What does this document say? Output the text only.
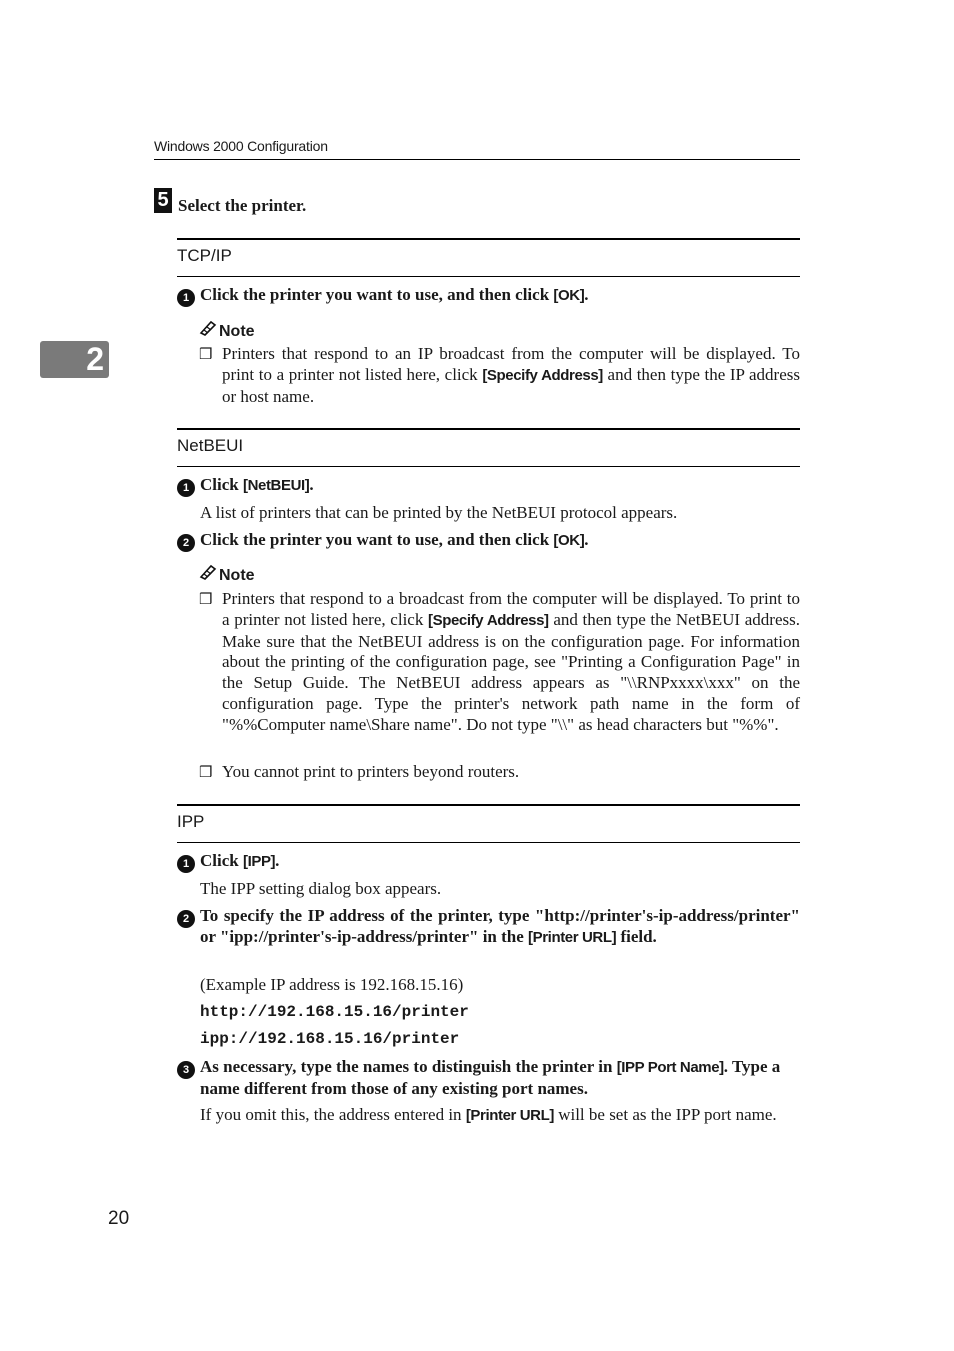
Windows 2000 Configuration
2
5 Select the printer.
TCP/IP
1 Click the printer you want to use, and then click [OK].
Note
❒ Printers that respond to an IP broadcast from the computer will be displayed. To print to a printer not listed here, click [Specify Address] and then type the IP address or host name.
NetBEUI
1 Click [NetBEUI].
A list of printers that can be printed by the NetBEUI protocol appears.
2 Click the printer you want to use, and then click [OK].
Note
❒ Printers that respond to a broadcast from the computer will be displayed. To print to a printer not listed here, click [Specify Address] and then type the NetBEUI address. Make sure that the NetBEUI address is on the configuration page. For information about the printing of the configuration page, see "Printing a Configuration Page" in the Setup Guide. The NetBEUI address appears as "\\RNPxxxx\xxx" on the configuration page. Type the printer's network path name in the form of "%%Computer name\Share name". Do not type "\\" as head characters but "%%".
❒ You cannot print to printers beyond routers.
IPP
1 Click [IPP].
The IPP setting dialog box appears.
2 To specify the IP address of the printer, type "http://printer's-ip-address/printer" or "ipp://printer's-ip-address/printer" in the [Printer URL] field.
(Example IP address is 192.168.15.16)
http://192.168.15.16/printer
ipp://192.168.15.16/printer
3 As necessary, type the names to distinguish the printer in [IPP Port Name]. Type a name different from those of any existing port names.
If you omit this, the address entered in [Printer URL] will be set as the IPP port name.
20
